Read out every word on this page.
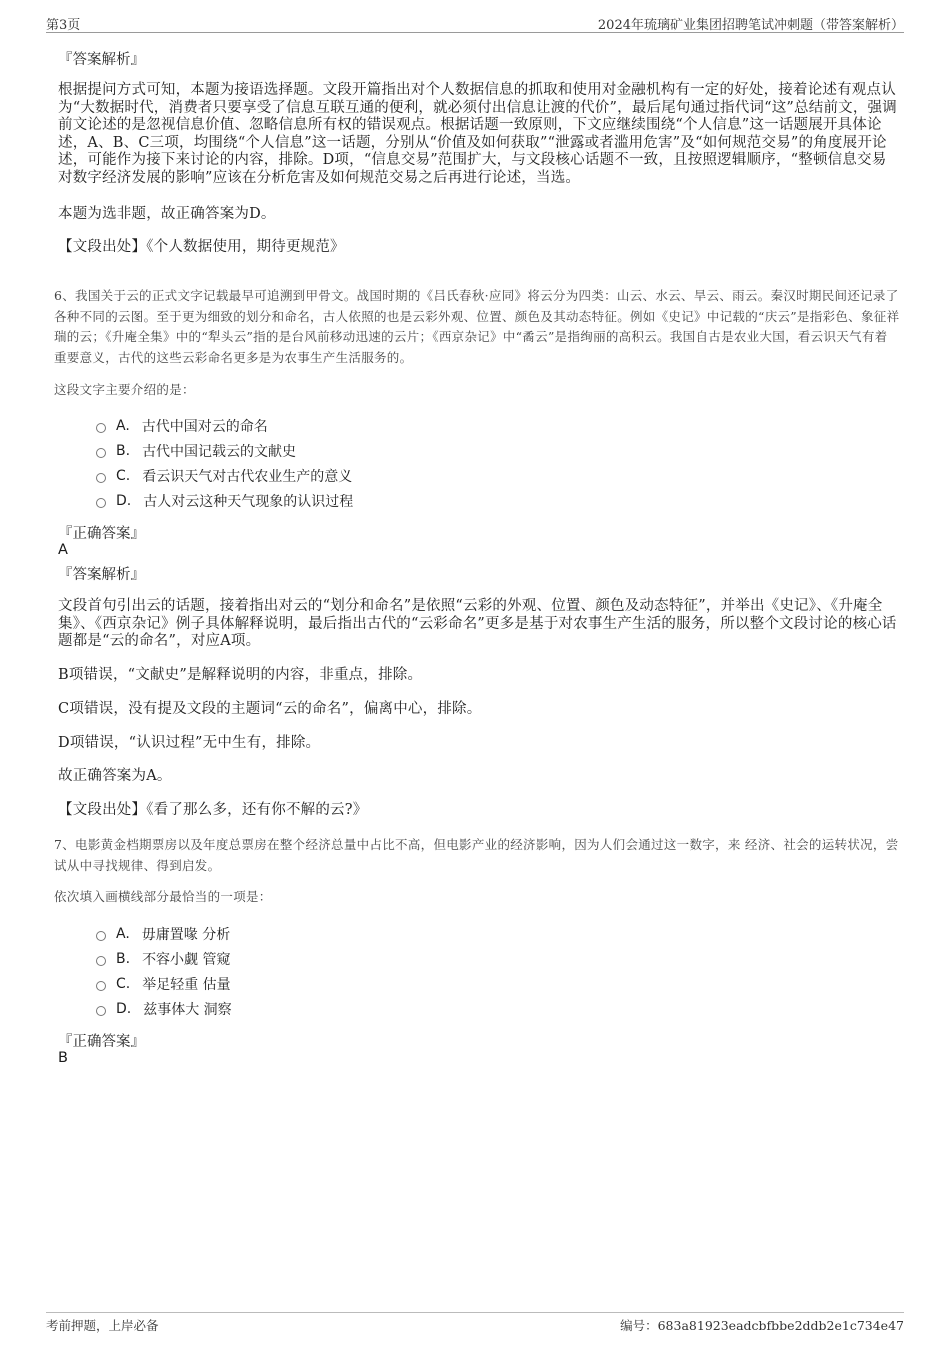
第3页	2024年琉璃矿业集团招聘笔试冲刺题（带答案解析）
『答案解析』
根据提问方式可知，本题为接语选择题。文段开篇指出对个人数据信息的抓取和使用对金融机构有一定的好处，接着论述有观点认为“大数据时代，消费者只要享受了信息互联互通的便利，就必须付出信息让渡的代价”，最后尾句通过指代词“这”总结前文，强调前文论述的是忽视信息价值、忽略信息所有权的错误观点。根据话题一致原则，下文应继续围绕“个人信息”这一话题展开具体论述，A、B、C三项，均围绕“个人信息”这一话题，分别从“价值及如何获取”“泄露或者滥用危害”及“如何规范交易”的角度展开论述，可能作为接下来讨论的内容，排除。D项，“信息交易”范围扩大，与文段核心话题不一致，且按照逻辑顺序，“整顿信息交易对数字经济发展的影响”应该在分析危害及如何规范交易之后再进行论述，当选。
本题为选非题，故正确答案为D。
【文段出处】《个人数据使用，期待更规范》
6、我国关于云的正式文字记载最早可追溯到甲骨文。战国时期的《吕氏春秋·应同》将云分为四类：山云、水云、旱云、雨云。秦汉时期民间还记录了各种不同的云图。至于更为细致的划分和命名，古人依照的也是云彩外观、位置、颜色及其动态特征。例如《史记》中记载的“庆云”是指彩色、象征祥瑞的云；《升庵全集》中的“犁头云”指的是台风前移动迅速的云片；《西京杂记》中“矞云”是指绚丽的高积云。我国自古是农业大国，看云识天气有着重要意义，古代的这些云彩命名更多是为农事生产生活服务的。
这段文字主要介绍的是：
A. 古代中国对云的命名
B. 古代中国记载云的文献史
C. 看云识天气对古代农业生产的意义
D. 古人对云这种天气现象的认识过程
『正确答案』
A
『答案解析』
文段首句引出云的话题，接着指出对云的“划分和命名”是依照“云彩的外观、位置、颜色及动态特征”，并举出《史记》、《升庵全集》、《西京杂记》例子具体解释说明，最后指出古代的“云彩命名”更多是基于对农事生产生活的服务，所以整个文段讨论的核心话题都是“云的命名”，对应A项。
B项错误，“文献史”是解释说明的内容，非重点，排除。
C项错误，没有提及文段的主题词“云的命名”，偏离中心，排除。
D项错误，“认识过程”无中生有，排除。
故正确答案为A。
【文段出处】《看了那么多，还有你不解的云?》
7、电影黄金档期票房以及年度总票房在整个经济总量中占比不高，但电影产业的经济影响，因为人们会通过这一数字，来 经济、社会的运转状况，尝试从中寻找规律、得到启发。
依次填入画横线部分最恰当的一项是：
A. 毋庸置喙 分析
B. 不容小觑 管窥
C. 举足轻重 估量
D. 兹事体大 洞察
『正确答案』
B
考前押题，上岸必备	编号：683a81923eadcbfbbe2ddb2e1c734e47
